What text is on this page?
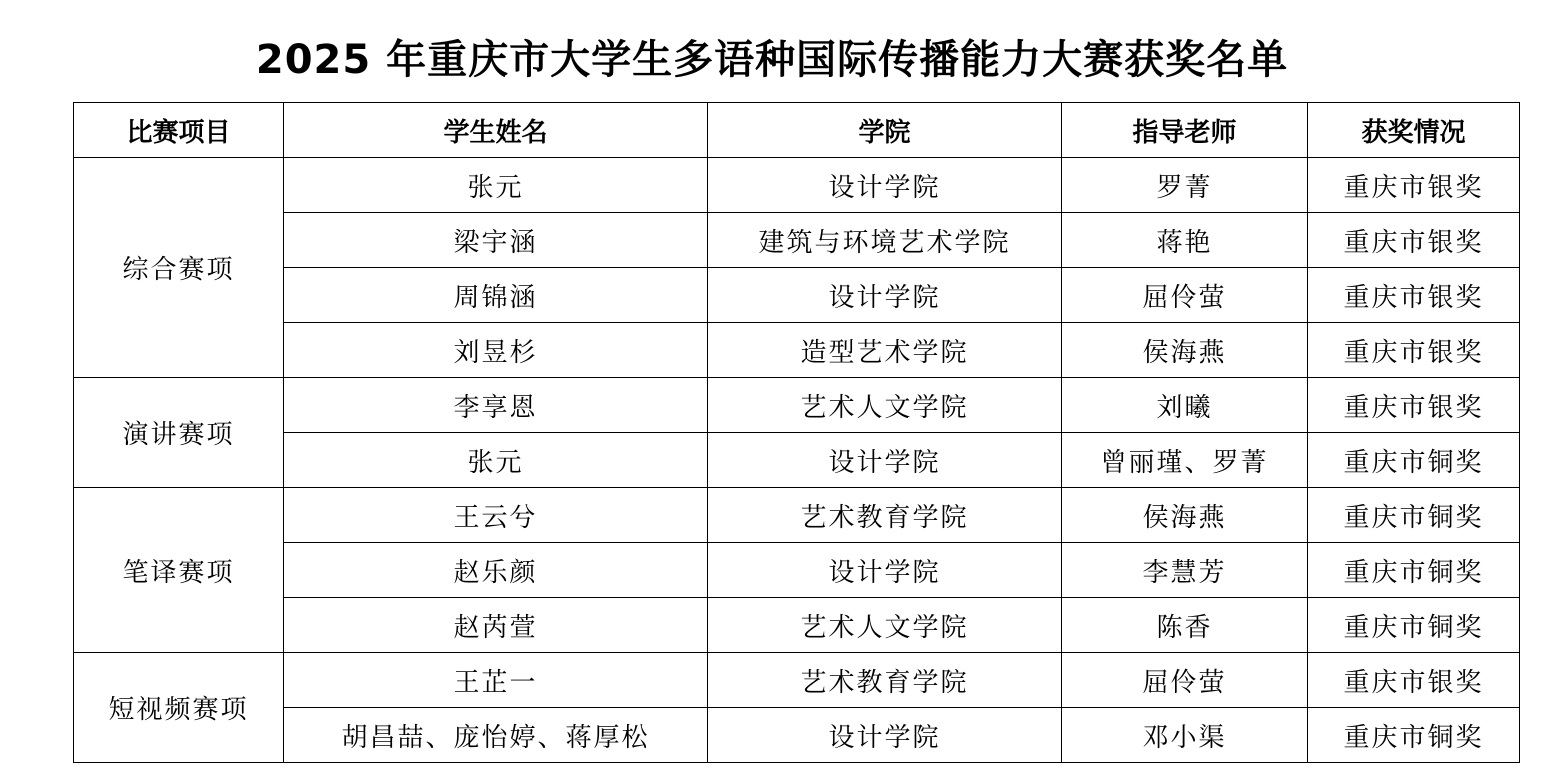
2025 年重庆市大学生多语种国际传播能力大赛获奖名单
比赛项目	学生姓名	学院	指导老师	获奖情况
综合赛项	张元	设计学院	罗菁	重庆市银奖
	梁宇涵	建筑与环境艺术学院	蒋艳	重庆市银奖
	周锦涵	设计学院	屈伶萤	重庆市银奖
	刘昱杉	造型艺术学院	侯海燕	重庆市银奖
演讲赛项	李享恩	艺术人文学院	刘曦	重庆市银奖
	张元	设计学院	曾丽瑾、罗菁	重庆市铜奖
笔译赛项	王云兮	艺术教育学院	侯海燕	重庆市铜奖
	赵乐颜	设计学院	李慧芳	重庆市铜奖
	赵芮萱	艺术人文学院	陈香	重庆市铜奖
短视频赛项	王芷一	艺术教育学院	屈伶萤	重庆市银奖
	胡昌喆、庞怡婷、蒋厚松	设计学院	邓小渠	重庆市铜奖
